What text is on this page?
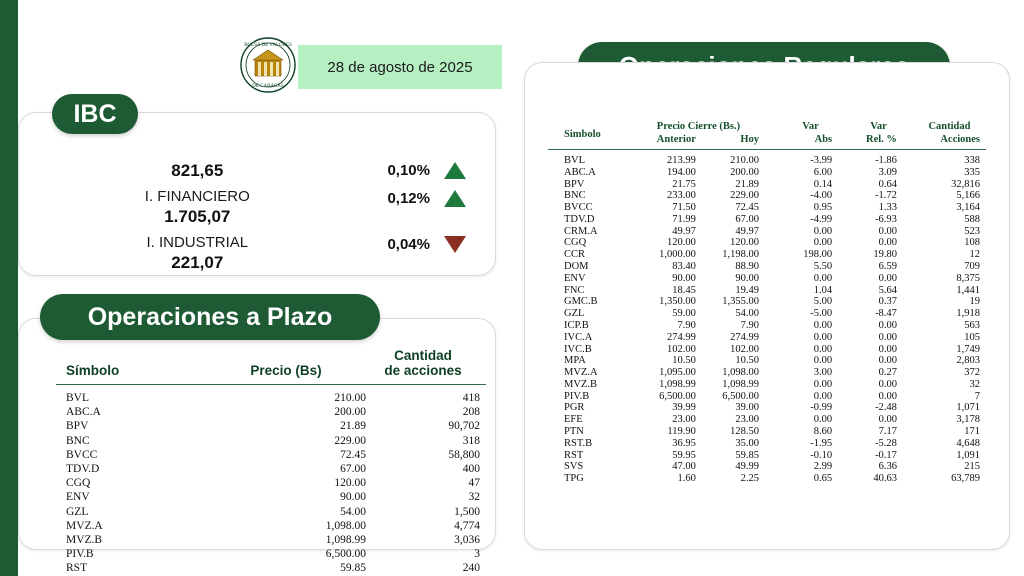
BOLSA DE VALORES
DE CARACAS
28 de agosto de 2025
IBC
821,65	0,10%
I. FINANCIERO
1.705,07
0,12%
I. INDUSTRIAL
221,07
0,04%
Operaciones a Plazo
Símbolo	Precio (Bs)	Cantidad
de acciones
BVL	210.00	418
ABC.A	200.00	208
BPV	21.89	90,702
BNC	229.00	318
BVCC	72.45	58,800
TDV.D	67.00	400
CGQ	120.00	47
ENV	90.00	32
GZL	54.00	1,500
MVZ.A	1,098.00	4,774
MVZ.B	1,098.99	3,036
PIV.B	6,500.00	3
RST	59.85	240
Simbolo	Precio Cierre (Bs.)		Var	Var	Cantidad
	Anterior	Hoy	Abs	Rel. %	Acciones
BVL	213.99	210.00	-3.99	-1.86	338
ABC.A	194.00	200.00	6.00	3.09	335
BPV	21.75	21.89	0.14	0.64	32,816
BNC	233.00	229.00	-4.00	-1.72	5,166
BVCC	71.50	72.45	0.95	1.33	3,164
TDV.D	71.99	67.00	-4.99	-6.93	588
CRM.A	49.97	49.97	0.00	0.00	523
CGQ	120.00	120.00	0.00	0.00	108
CCR	1,000.00	1,198.00	198.00	19.80	12
DOM	83.40	88.90	5.50	6.59	709
ENV	90.00	90.00	0.00	0.00	8,375
FNC	18.45	19.49	1.04	5.64	1,441
GMC.B	1,350.00	1,355.00	5.00	0.37	19
GZL	59.00	54.00	-5.00	-8.47	1,918
ICP.B	7.90	7.90	0.00	0.00	563
IVC.A	274.99	274.99	0.00	0.00	105
IVC.B	102.00	102.00	0.00	0.00	1,749
MPA	10.50	10.50	0.00	0.00	2,803
MVZ.A	1,095.00	1,098.00	3.00	0.27	372
MVZ.B	1,098.99	1,098.99	0.00	0.00	32
PIV.B	6,500.00	6,500.00	0.00	0.00	7
PGR	39.99	39.00	-0.99	-2.48	1,071
EFE	23.00	23.00	0.00	0.00	3,178
PTN	119.90	128.50	8.60	7.17	171
RST.B	36.95	35.00	-1.95	-5.28	4,648
RST	59.95	59.85	-0.10	-0.17	1,091
SVS	47.00	49.99	2.99	6.36	215
TPG	1.60	2.25	0.65	40.63	63,789
